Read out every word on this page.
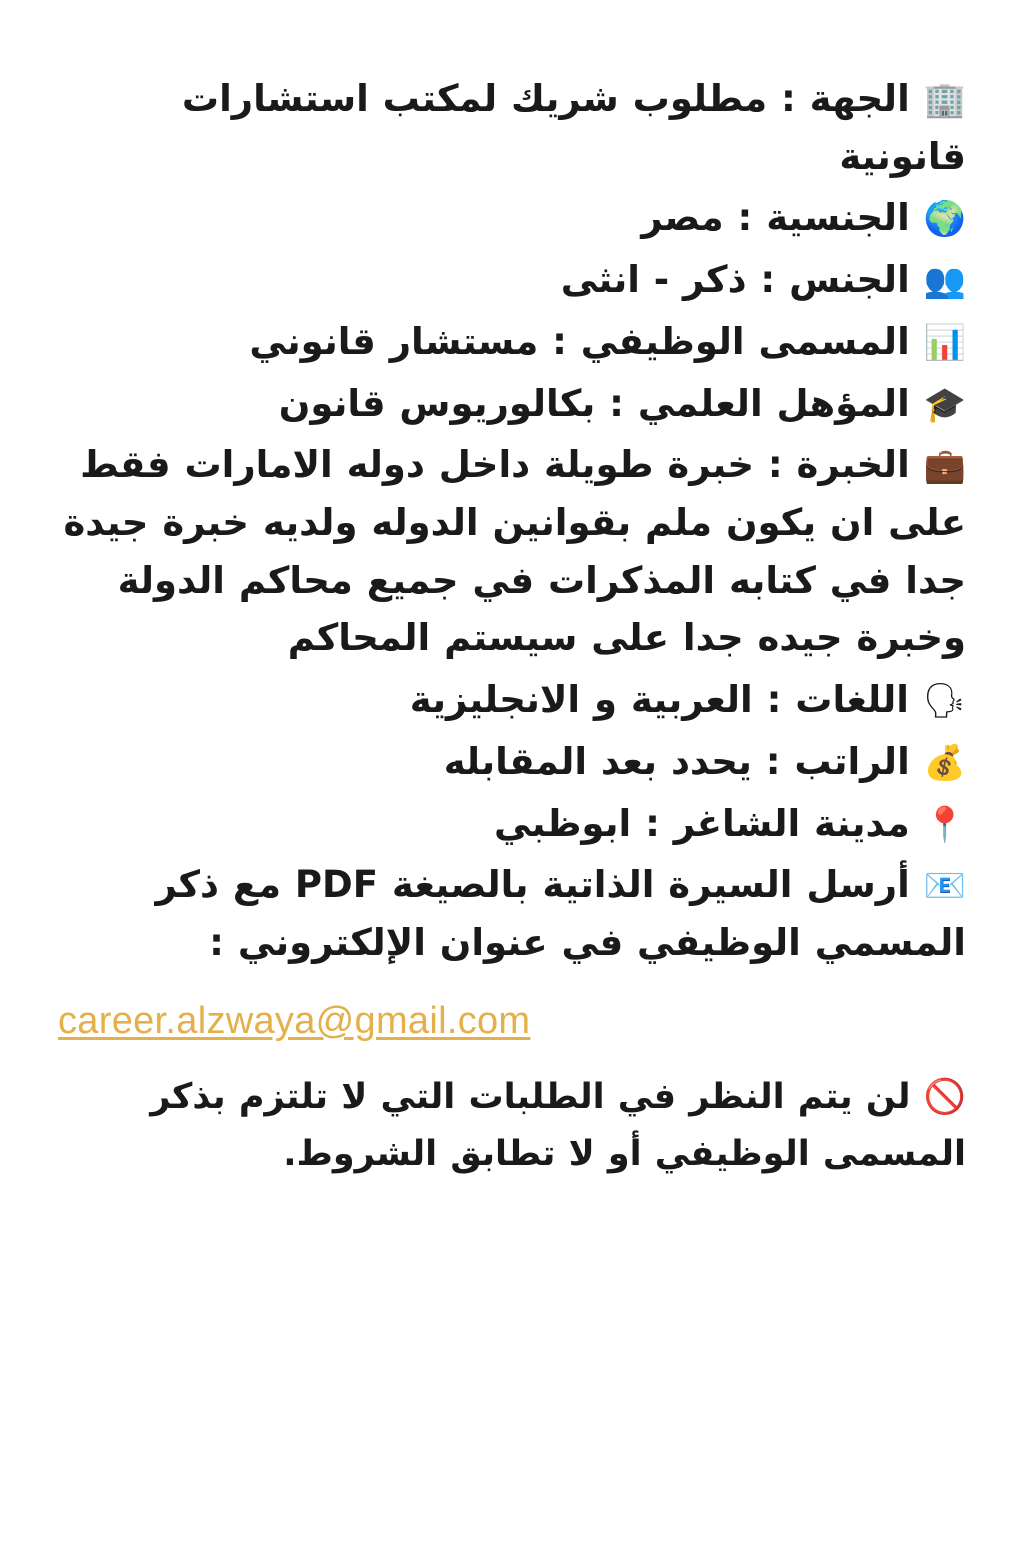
🏢 الجهة : مطلوب شريك لمكتب استشارات قانونية

🌍 الجنسية : مصر

👥 الجنس : ذكر - انثى

📊 المسمى الوظيفي : مستشار قانوني

🎓 المؤهل العلمي : بكالوريوس قانون

💼 الخبرة : خبرة طويلة داخل دوله الامارات فقط على ان يكون ملم بقوانين الدوله ولديه خبرة جيدة جدا في كتابه المذكرات في جميع محاكم الدولة وخبرة جيده جدا على سيستم المحاكم

🗣 اللغات : العربية و الانجليزية

💰 الراتب : يحدد بعد المقابله

📍 مدينة الشاغر : ابوظبي

📧 أرسل السيرة الذاتية بالصيغة PDF مع ذكر المسمي الوظيفي في عنوان الإلكتروني :

career.alzwaya@gmail.com

🚫 لن يتم النظر في الطلبات التي لا تلتزم بذكر المسمى الوظيفي أو لا تطابق الشروط.
